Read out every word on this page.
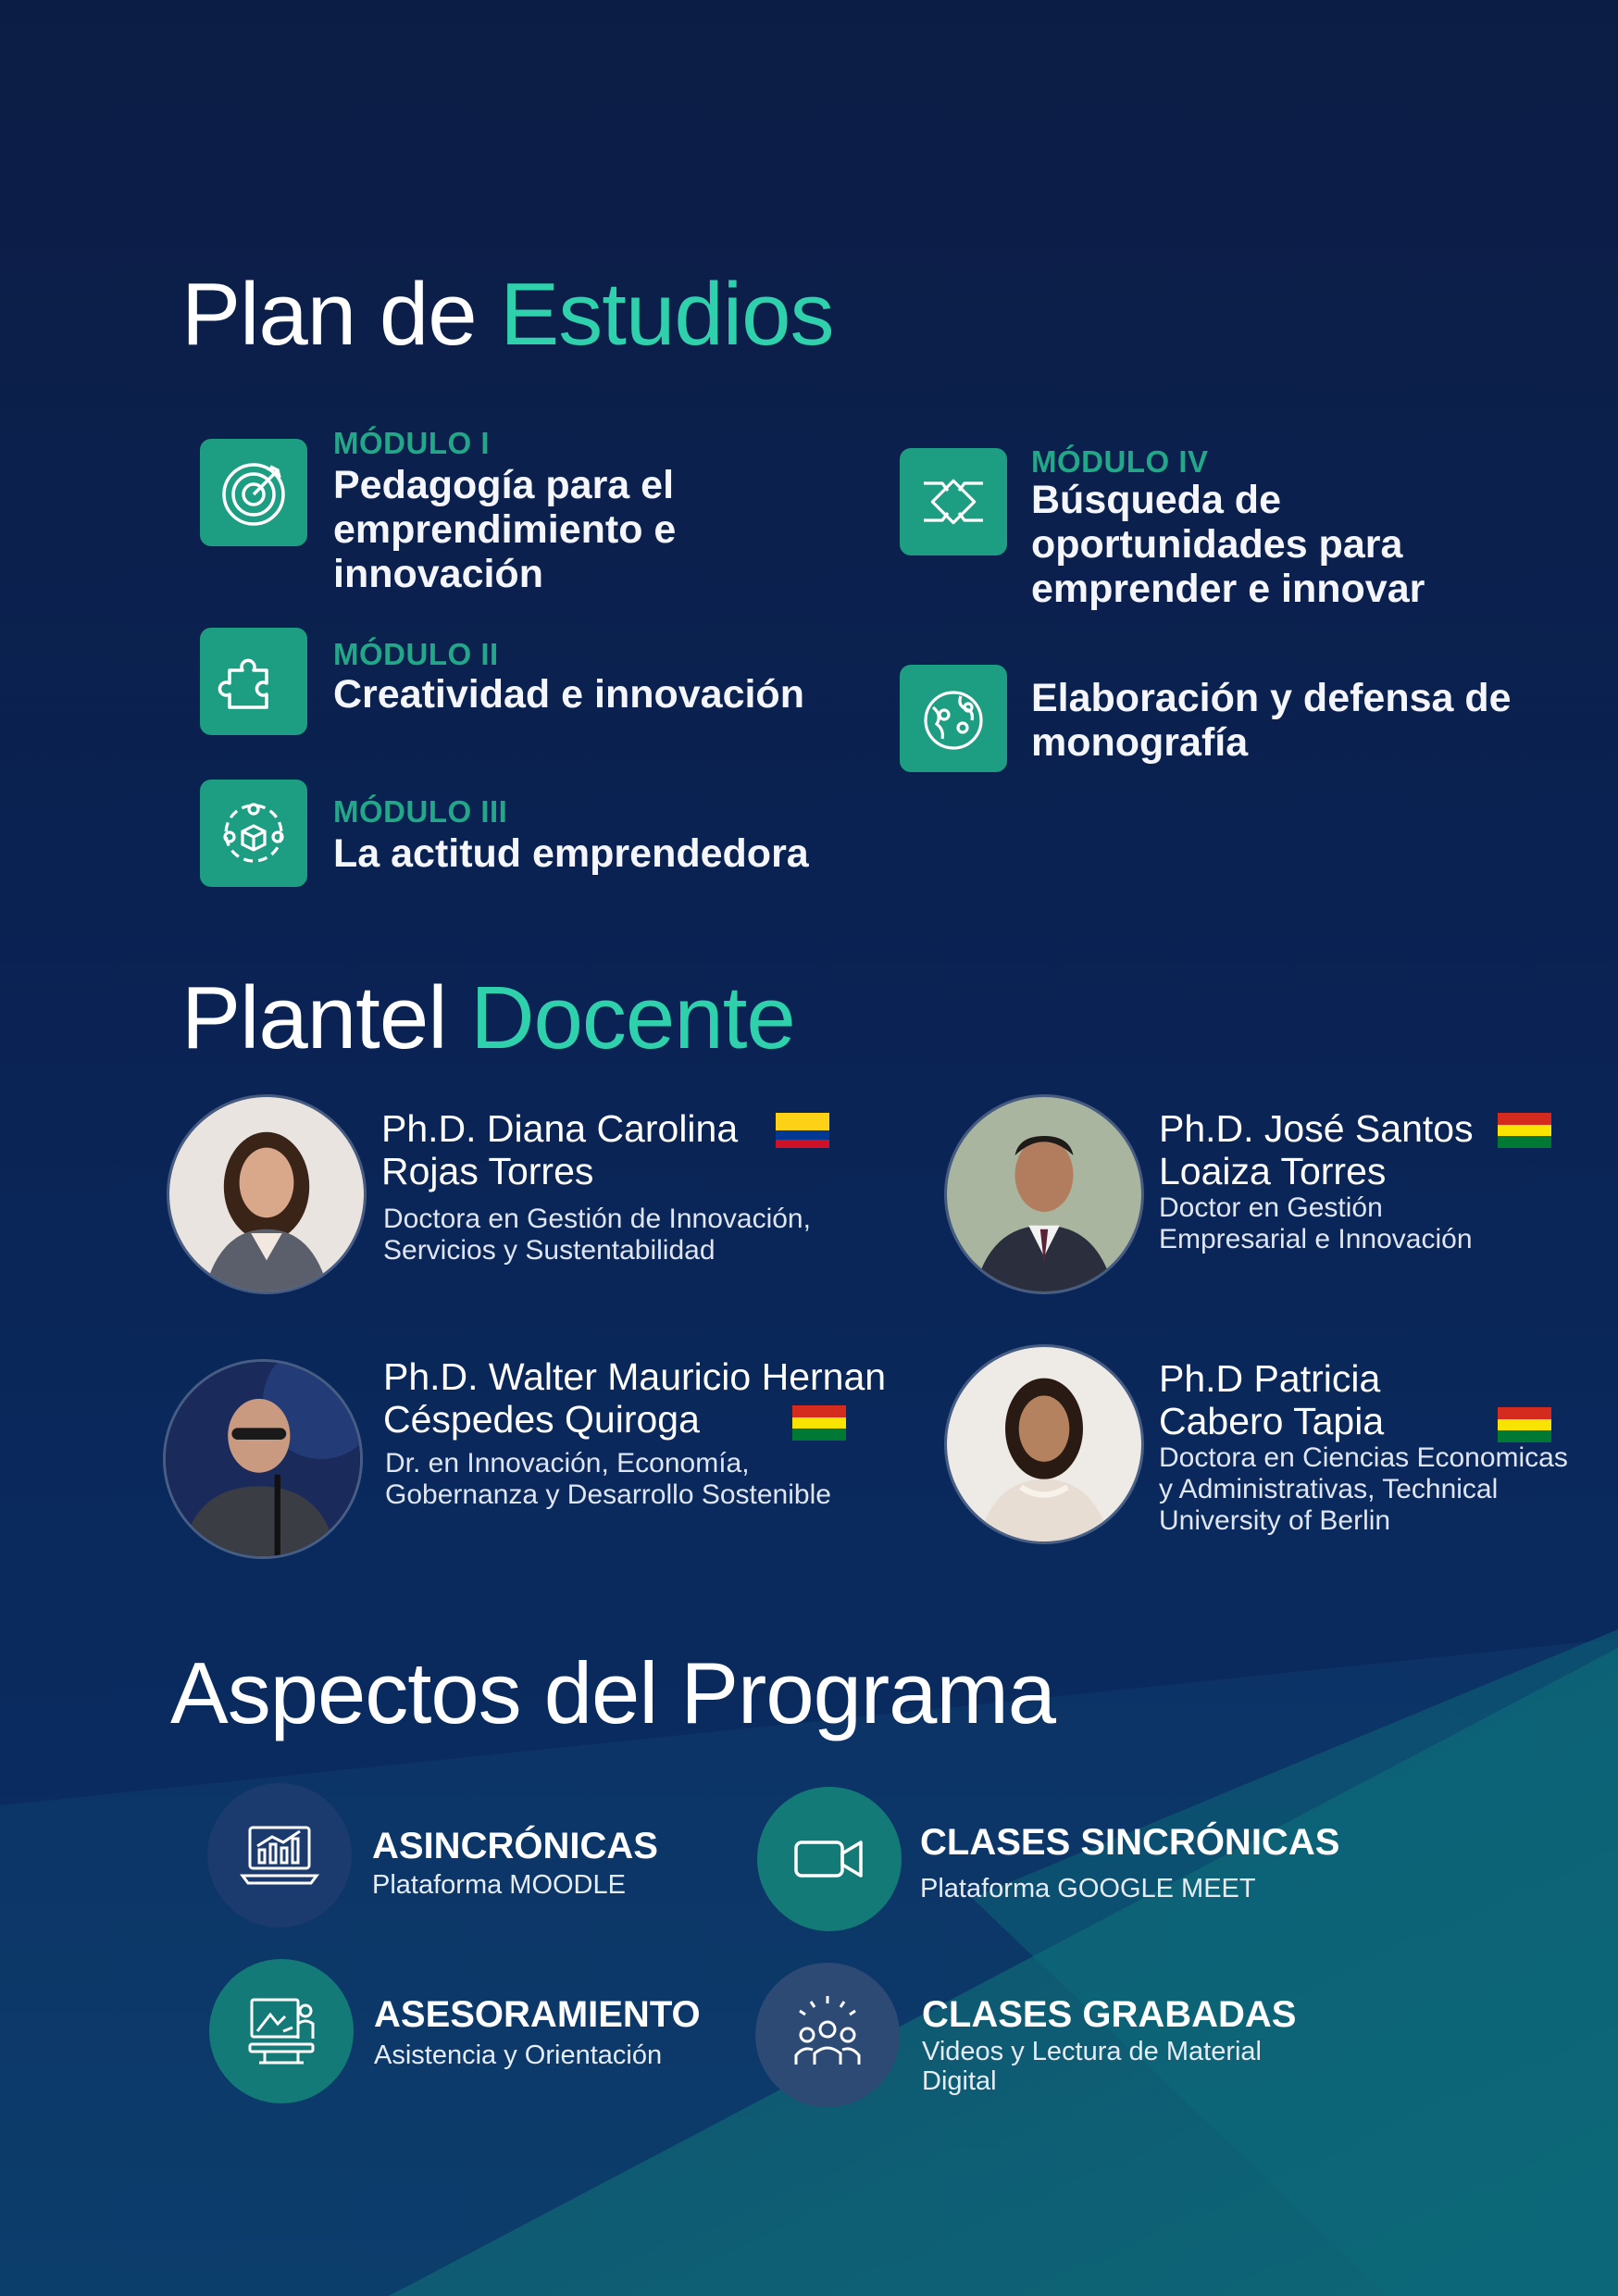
Plan de Estudios
MÓDULO I
Pedagogía para el emprendimiento e innovación
MÓDULO II
Creatividad e innovación
MÓDULO III
La actitud emprendedora
MÓDULO IV
Búsqueda de oportunidades para emprender e innovar
Elaboración y defensa de monografía
Plantel Docente
Ph.D. Diana Carolina Rojas Torres
Doctora en Gestión de Innovación, Servicios y Sustentabilidad
Ph.D. José Santos Loaiza Torres
Doctor en Gestión Empresarial e Innovación
Ph.D. Walter Mauricio Hernan Céspedes Quiroga
Dr. en Innovación, Economía, Gobernanza y Desarrollo Sostenible
Ph.D Patricia Cabero Tapia
Doctora en Ciencias Economicas y Administrativas, Technical University of Berlin
Aspectos del Programa
ASINCRÓNICAS
Plataforma MOODLE
CLASES SINCRÓNICAS
Plataforma GOOGLE MEET
ASESORAMIENTO
Asistencia y Orientación
CLASES GRABADAS
Videos y Lectura de Material Digital
